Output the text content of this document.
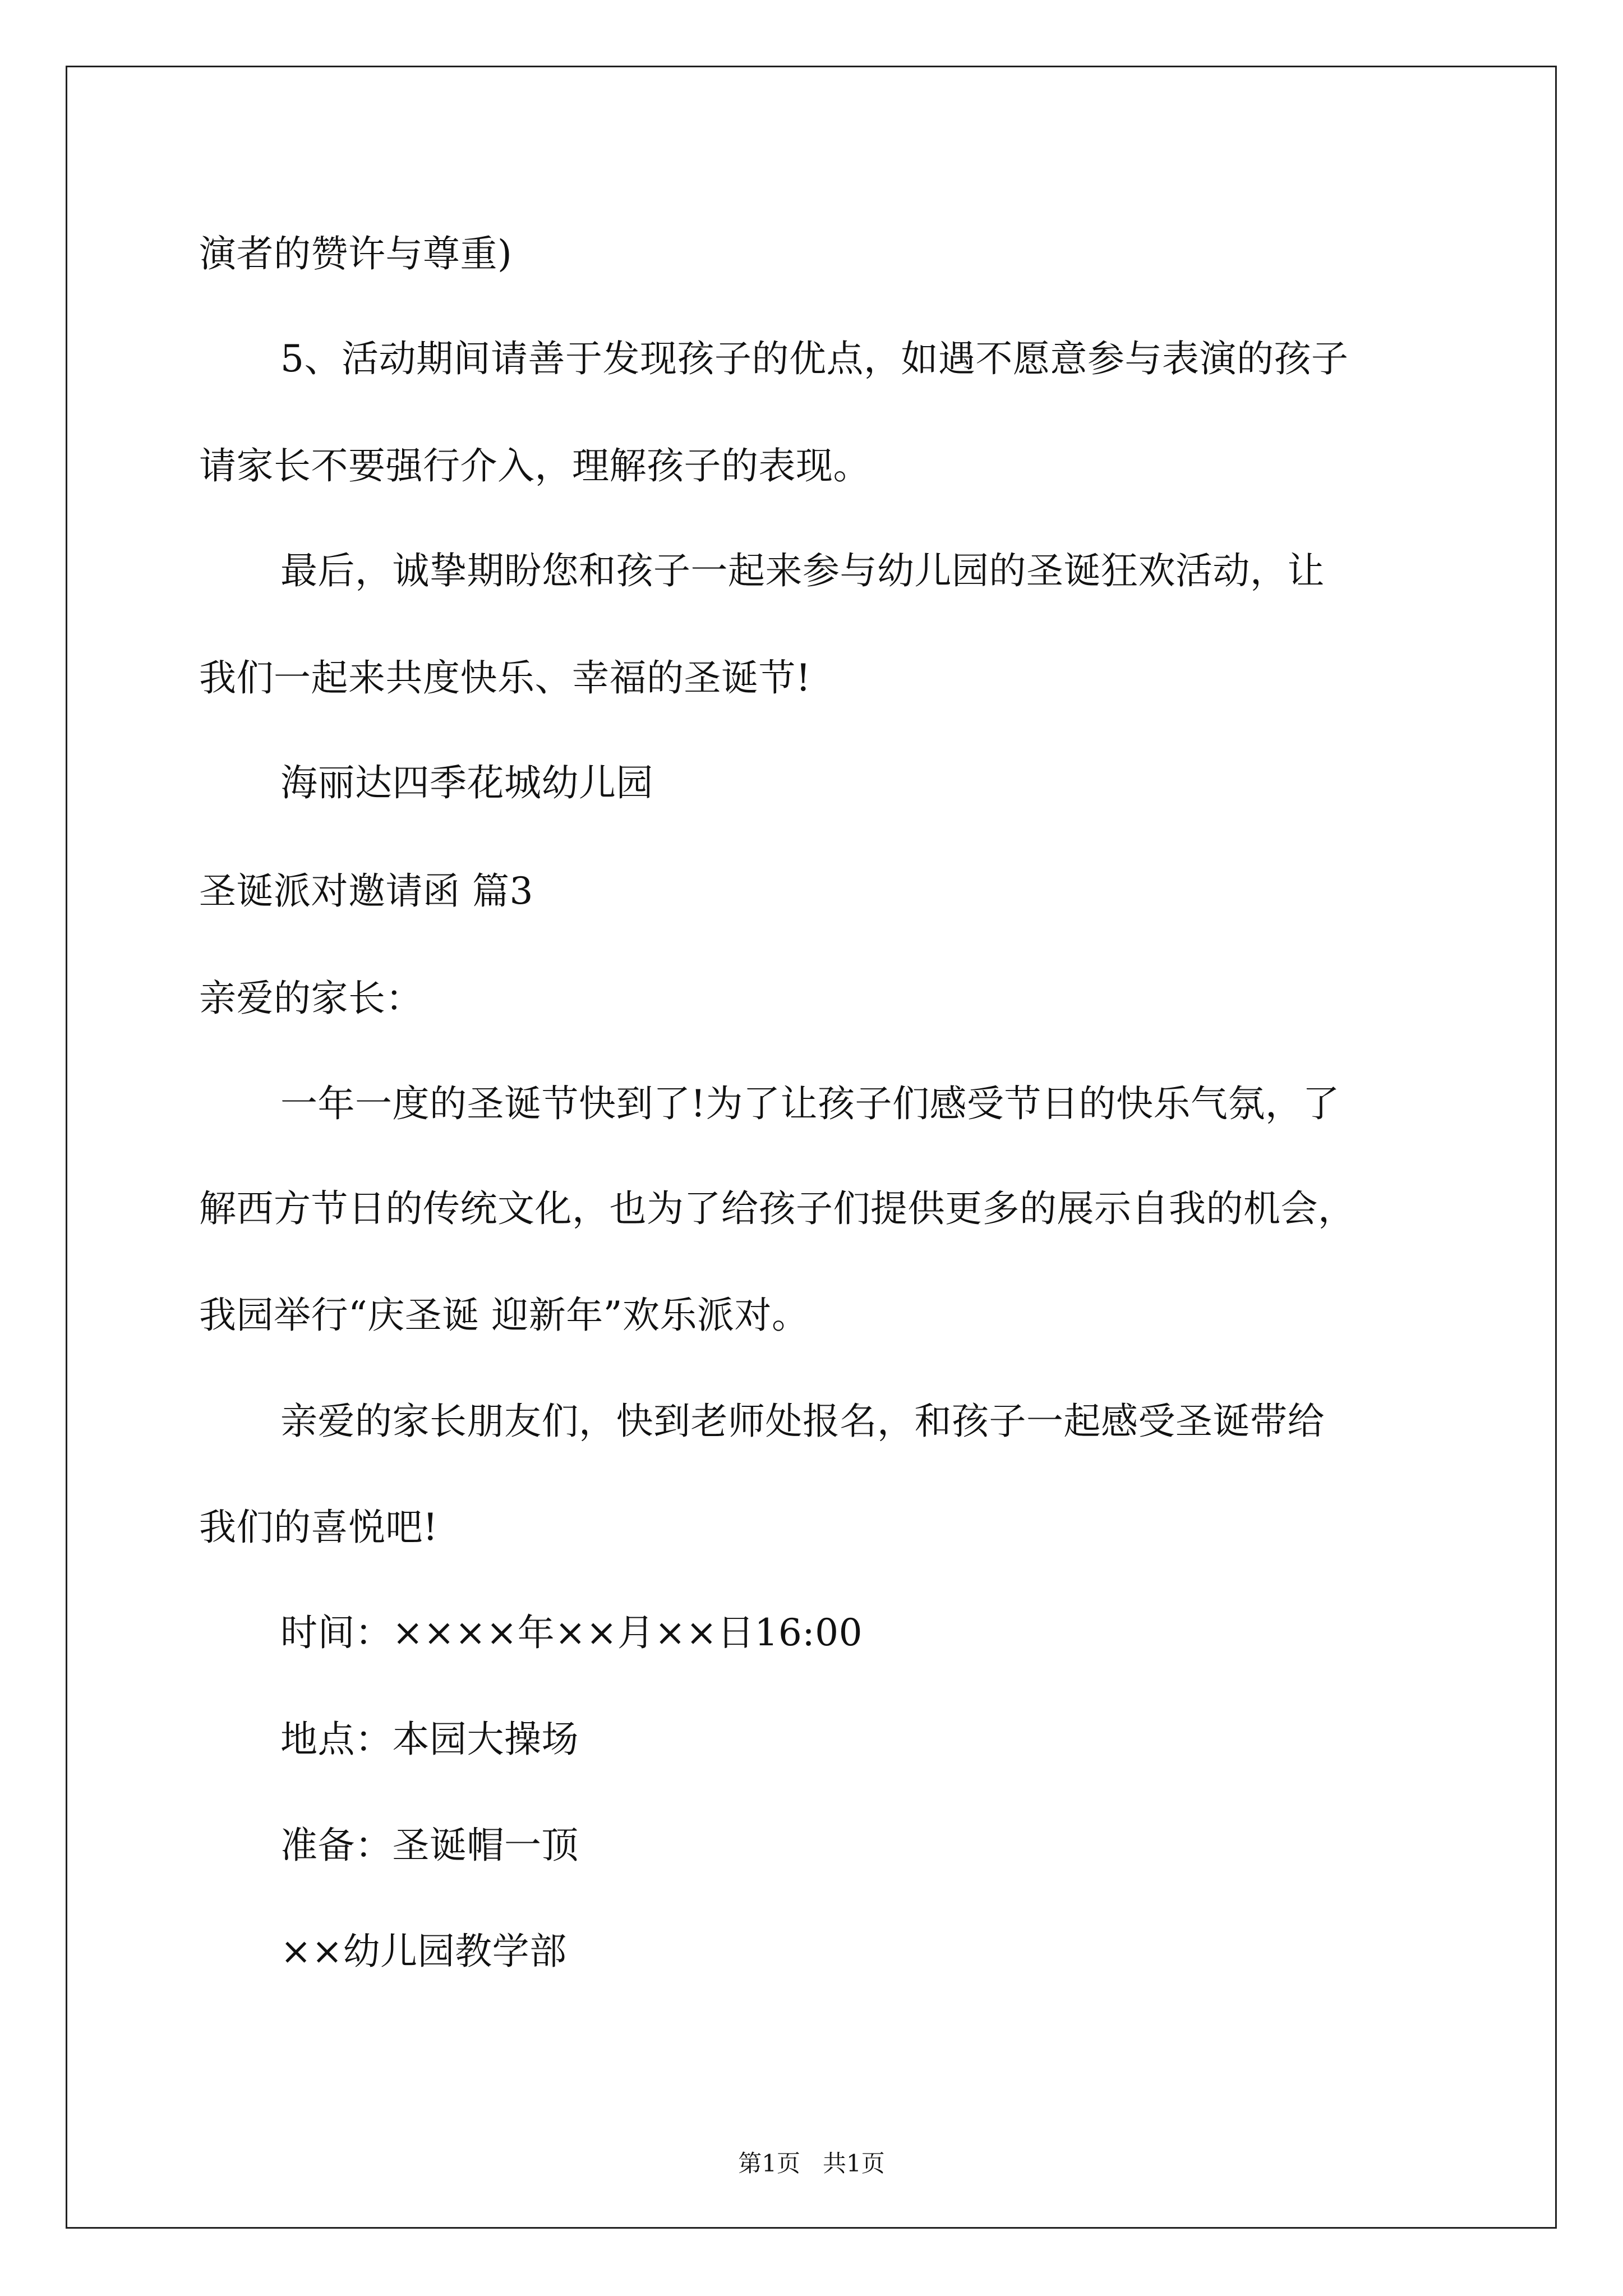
演者的赞许与尊重)
5、活动期间请善于发现孩子的优点，如遇不愿意参与表演的孩子
请家长不要强行介入，理解孩子的表现。
最后，诚挚期盼您和孩子一起来参与幼儿园的圣诞狂欢活动，让
我们一起来共度快乐、幸福的圣诞节!
海丽达四季花城幼儿园
圣诞派对邀请函 篇3
亲爱的家长：
一年一度的圣诞节快到了!为了让孩子们感受节日的快乐气氛，了
解西方节日的传统文化，也为了给孩子们提供更多的展示自我的机会，
我园举行“庆圣诞 迎新年”欢乐派对。
亲爱的家长朋友们，快到老师处报名，和孩子一起感受圣诞带给
我们的喜悦吧!
时间：××××年××月××日16:00
地点：本园大操场
准备：圣诞帽一顶
××幼儿园教学部
第1页   共1页
